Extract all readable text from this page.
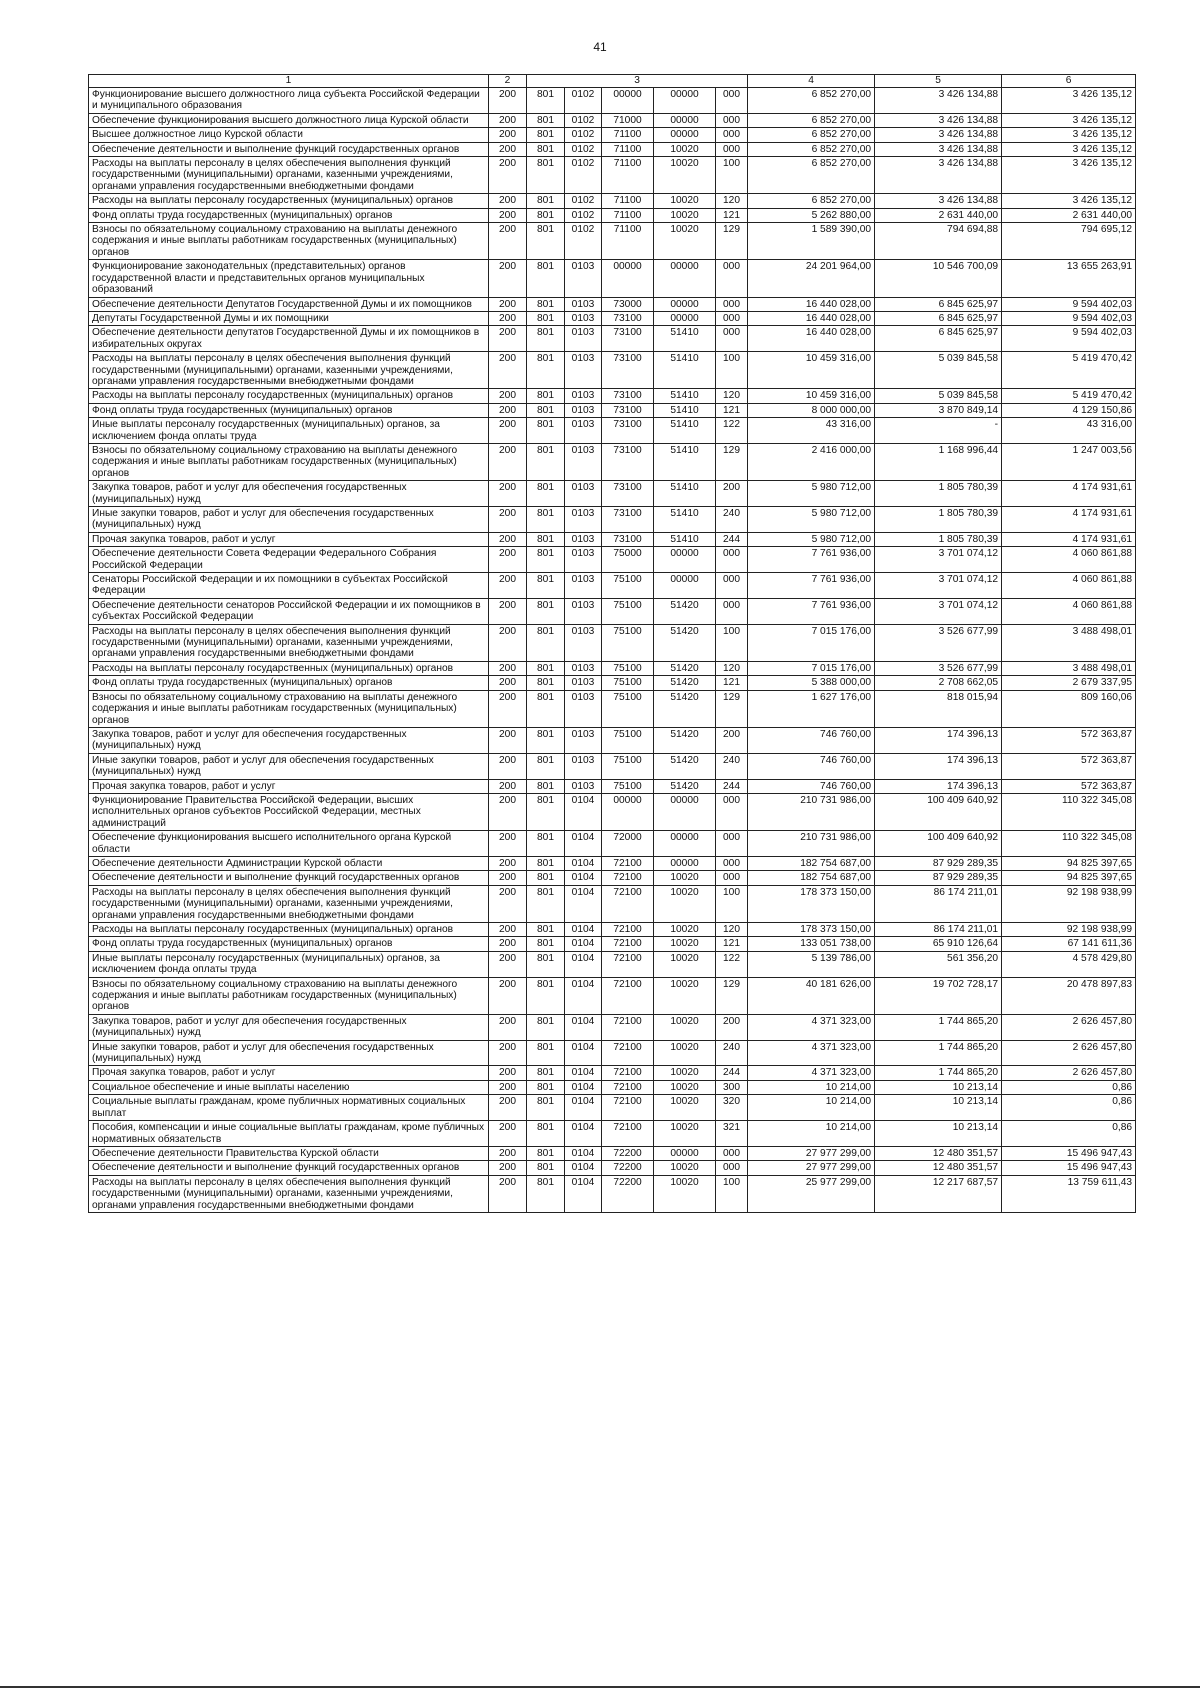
41
1	2	3					4	5	6
Функционирование высшего должностного лица субъекта Российской Федерации и муниципального образования	200	801	0102	00000	00000	000	6 852 270,00	3 426 134,88	3 426 135,12
Обеспечение функционирования высшего должностного лица Курской области	200	801	0102	71000	00000	000	6 852 270,00	3 426 134,88	3 426 135,12
Высшее должностное лицо Курской области	200	801	0102	71100	00000	000	6 852 270,00	3 426 134,88	3 426 135,12
Обеспечение деятельности и выполнение функций государственных органов	200	801	0102	71100	10020	000	6 852 270,00	3 426 134,88	3 426 135,12
Расходы на выплаты персоналу в целях обеспечения выполнения функций государственными (муниципальными) органами, казенными учреждениями, органами управления государственными внебюджетными фондами	200	801	0102	71100	10020	100	6 852 270,00	3 426 134,88	3 426 135,12
Расходы на выплаты персоналу государственных (муниципальных) органов	200	801	0102	71100	10020	120	6 852 270,00	3 426 134,88	3 426 135,12
Фонд оплаты труда государственных (муниципальных) органов	200	801	0102	71100	10020	121	5 262 880,00	2 631 440,00	2 631 440,00
Взносы по обязательному социальному страхованию на выплаты денежного содержания и иные выплаты работникам государственных (муниципальных) органов	200	801	0102	71100	10020	129	1 589 390,00	794 694,88	794 695,12
Функционирование законодательных (представительных) органов государственной власти и представительных органов муниципальных образований	200	801	0103	00000	00000	000	24 201 964,00	10 546 700,09	13 655 263,91
Обеспечение деятельности Депутатов Государственной Думы и их помощников	200	801	0103	73000	00000	000	16 440 028,00	6 845 625,97	9 594 402,03
Депутаты Государственной Думы и их помощники	200	801	0103	73100	00000	000	16 440 028,00	6 845 625,97	9 594 402,03
Обеспечение деятельности депутатов Государственной Думы и их помощников в избирательных округах	200	801	0103	73100	51410	000	16 440 028,00	6 845 625,97	9 594 402,03
Расходы на выплаты персоналу в целях обеспечения выполнения функций государственными (муниципальными) органами, казенными учреждениями, органами управления государственными внебюджетными фондами	200	801	0103	73100	51410	100	10 459 316,00	5 039 845,58	5 419 470,42
Расходы на выплаты персоналу государственных (муниципальных) органов	200	801	0103	73100	51410	120	10 459 316,00	5 039 845,58	5 419 470,42
Фонд оплаты труда государственных (муниципальных) органов	200	801	0103	73100	51410	121	8 000 000,00	3 870 849,14	4 129 150,86
Иные выплаты персоналу государственных (муниципальных) органов, за исключением фонда оплаты труда	200	801	0103	73100	51410	122	43 316,00	-	43 316,00
Взносы по обязательному социальному страхованию на выплаты денежного содержания и иные выплаты работникам государственных (муниципальных) органов	200	801	0103	73100	51410	129	2 416 000,00	1 168 996,44	1 247 003,56
Закупка товаров, работ и услуг для обеспечения государственных (муниципальных) нужд	200	801	0103	73100	51410	200	5 980 712,00	1 805 780,39	4 174 931,61
Иные закупки товаров, работ и услуг для обеспечения государственных (муниципальных) нужд	200	801	0103	73100	51410	240	5 980 712,00	1 805 780,39	4 174 931,61
Прочая закупка товаров, работ и услуг	200	801	0103	73100	51410	244	5 980 712,00	1 805 780,39	4 174 931,61
Обеспечение деятельности Совета Федерации Федерального Собрания Российской Федерации	200	801	0103	75000	00000	000	7 761 936,00	3 701 074,12	4 060 861,88
Сенаторы Российской Федерации и их помощники в субъектах Российской Федерации	200	801	0103	75100	00000	000	7 761 936,00	3 701 074,12	4 060 861,88
Обеспечение деятельности сенаторов Российской Федерации и их помощников в субъектах Российской Федерации	200	801	0103	75100	51420	000	7 761 936,00	3 701 074,12	4 060 861,88
Расходы на выплаты персоналу в целях обеспечения выполнения функций государственными (муниципальными) органами, казенными учреждениями, органами управления государственными внебюджетными фондами	200	801	0103	75100	51420	100	7 015 176,00	3 526 677,99	3 488 498,01
Расходы на выплаты персоналу государственных (муниципальных) органов	200	801	0103	75100	51420	120	7 015 176,00	3 526 677,99	3 488 498,01
Фонд оплаты труда государственных (муниципальных) органов	200	801	0103	75100	51420	121	5 388 000,00	2 708 662,05	2 679 337,95
Взносы по обязательному социальному страхованию на выплаты денежного содержания и иные выплаты работникам государственных (муниципальных) органов	200	801	0103	75100	51420	129	1 627 176,00	818 015,94	809 160,06
Закупка товаров, работ и услуг для обеспечения государственных (муниципальных) нужд	200	801	0103	75100	51420	200	746 760,00	174 396,13	572 363,87
Иные закупки товаров, работ и услуг для обеспечения государственных (муниципальных) нужд	200	801	0103	75100	51420	240	746 760,00	174 396,13	572 363,87
Прочая закупка товаров, работ и услуг	200	801	0103	75100	51420	244	746 760,00	174 396,13	572 363,87
Функционирование Правительства Российской Федерации, высших исполнительных органов субъектов Российской Федерации, местных администраций	200	801	0104	00000	00000	000	210 731 986,00	100 409 640,92	110 322 345,08
Обеспечение функционирования высшего исполнительного органа Курской области	200	801	0104	72000	00000	000	210 731 986,00	100 409 640,92	110 322 345,08
Обеспечение деятельности Администрации Курской области	200	801	0104	72100	00000	000	182 754 687,00	87 929 289,35	94 825 397,65
Обеспечение деятельности и выполнение функций государственных органов	200	801	0104	72100	10020	000	182 754 687,00	87 929 289,35	94 825 397,65
Расходы на выплаты персоналу в целях обеспечения выполнения функций государственными (муниципальными) органами, казенными учреждениями, органами управления государственными внебюджетными фондами	200	801	0104	72100	10020	100	178 373 150,00	86 174 211,01	92 198 938,99
Расходы на выплаты персоналу государственных (муниципальных) органов	200	801	0104	72100	10020	120	178 373 150,00	86 174 211,01	92 198 938,99
Фонд оплаты труда государственных (муниципальных) органов	200	801	0104	72100	10020	121	133 051 738,00	65 910 126,64	67 141 611,36
Иные выплаты персоналу государственных (муниципальных) органов, за исключением фонда оплаты труда	200	801	0104	72100	10020	122	5 139 786,00	561 356,20	4 578 429,80
Взносы по обязательному социальному страхованию на выплаты денежного содержания и иные выплаты работникам государственных (муниципальных) органов	200	801	0104	72100	10020	129	40 181 626,00	19 702 728,17	20 478 897,83
Закупка товаров, работ и услуг для обеспечения государственных (муниципальных) нужд	200	801	0104	72100	10020	200	4 371 323,00	1 744 865,20	2 626 457,80
Иные закупки товаров, работ и услуг для обеспечения государственных (муниципальных) нужд	200	801	0104	72100	10020	240	4 371 323,00	1 744 865,20	2 626 457,80
Прочая закупка товаров, работ и услуг	200	801	0104	72100	10020	244	4 371 323,00	1 744 865,20	2 626 457,80
Социальное обеспечение и иные выплаты населению	200	801	0104	72100	10020	300	10 214,00	10 213,14	0,86
Социальные выплаты гражданам, кроме публичных нормативных социальных выплат	200	801	0104	72100	10020	320	10 214,00	10 213,14	0,86
Пособия, компенсации и иные социальные выплаты гражданам, кроме публичных нормативных обязательств	200	801	0104	72100	10020	321	10 214,00	10 213,14	0,86
Обеспечение деятельности Правительства Курской области	200	801	0104	72200	00000	000	27 977 299,00	12 480 351,57	15 496 947,43
Обеспечение деятельности и выполнение функций государственных органов	200	801	0104	72200	10020	000	27 977 299,00	12 480 351,57	15 496 947,43
Расходы на выплаты персоналу в целях обеспечения выполнения функций государственными (муниципальными) органами, казенными учреждениями, органами управления государственными внебюджетными фондами	200	801	0104	72200	10020	100	25 977 299,00	12 217 687,57	13 759 611,43
